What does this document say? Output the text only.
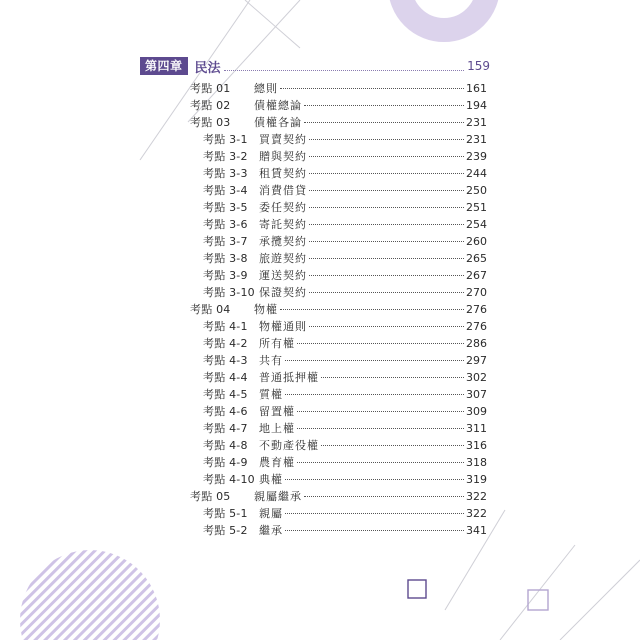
第四章 民法	159
考點 01	總則	161
考點 02	債權總論	194
考點 03	債權各論	231
考點 3-1	買賣契約	231
考點 3-2	贈與契約	239
考點 3-3	租賃契約	244
考點 3-4	消費借貸	250
考點 3-5	委任契約	251
考點 3-6	寄託契約	254
考點 3-7	承攬契約	260
考點 3-8	旅遊契約	265
考點 3-9	運送契約	267
考點 3-10 保證契約	270
考點 04	物權	276
考點 4-1	物權通則	276
考點 4-2	所有權	286
考點 4-3	共有	297
考點 4-4	普通抵押權	302
考點 4-5	質權	307
考點 4-6	留置權	309
考點 4-7	地上權	311
考點 4-8	不動產役權	316
考點 4-9	農育權	318
考點 4-10 典權	319
考點 05	親屬繼承	322
考點 5-1	親屬	322
考點 5-2	繼承	341
